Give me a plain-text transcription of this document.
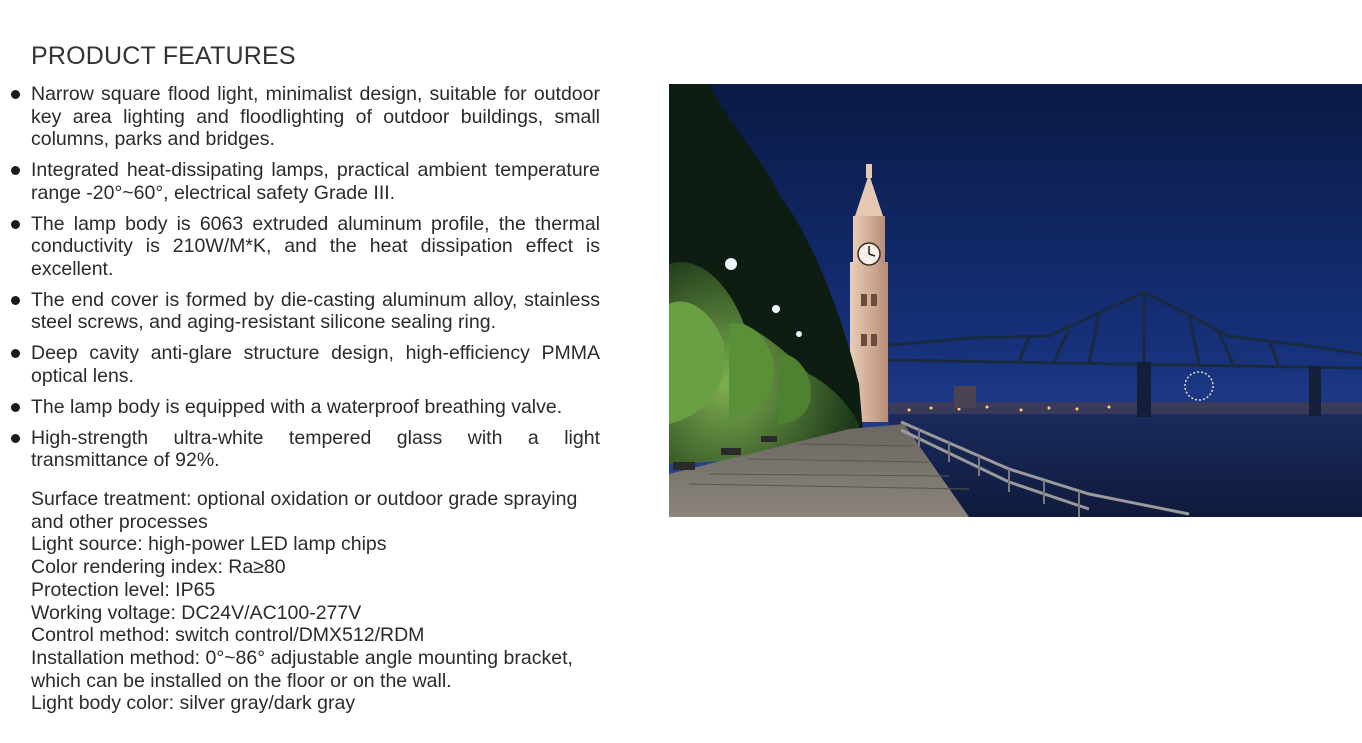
PRODUCT FEATURES
Narrow square flood light, minimalist design, suitable for outdoor key area lighting and floodlighting of outdoor buildings, small columns, parks and bridges.
Integrated heat-dissipating lamps, practical ambient temperature range -20°~60°, electrical safety Grade III.
The lamp body is 6063 extruded aluminum profile, the thermal conductivity is 210W/M*K, and the heat dissipation effect is excellent.
The end cover is formed by die-casting aluminum alloy, stainless steel screws, and aging-resistant silicone sealing ring.
Deep cavity anti-glare structure design, high-efficiency PMMA optical lens.
The lamp body is equipped with a waterproof breathing valve.
High-strength ultra-white tempered glass with a light transmittance of 92%.
Surface treatment: optional oxidation or outdoor grade spraying and other processes
Light source: high-power LED lamp chips
Color rendering index: Ra≥80
Protection level: IP65
Working voltage: DC24V/AC100-277V
Control method: switch control/DMX512/RDM
Installation method: 0°~86° adjustable angle mounting bracket, which can be installed on the floor or on the wall.
Light body color: silver gray/dark gray
